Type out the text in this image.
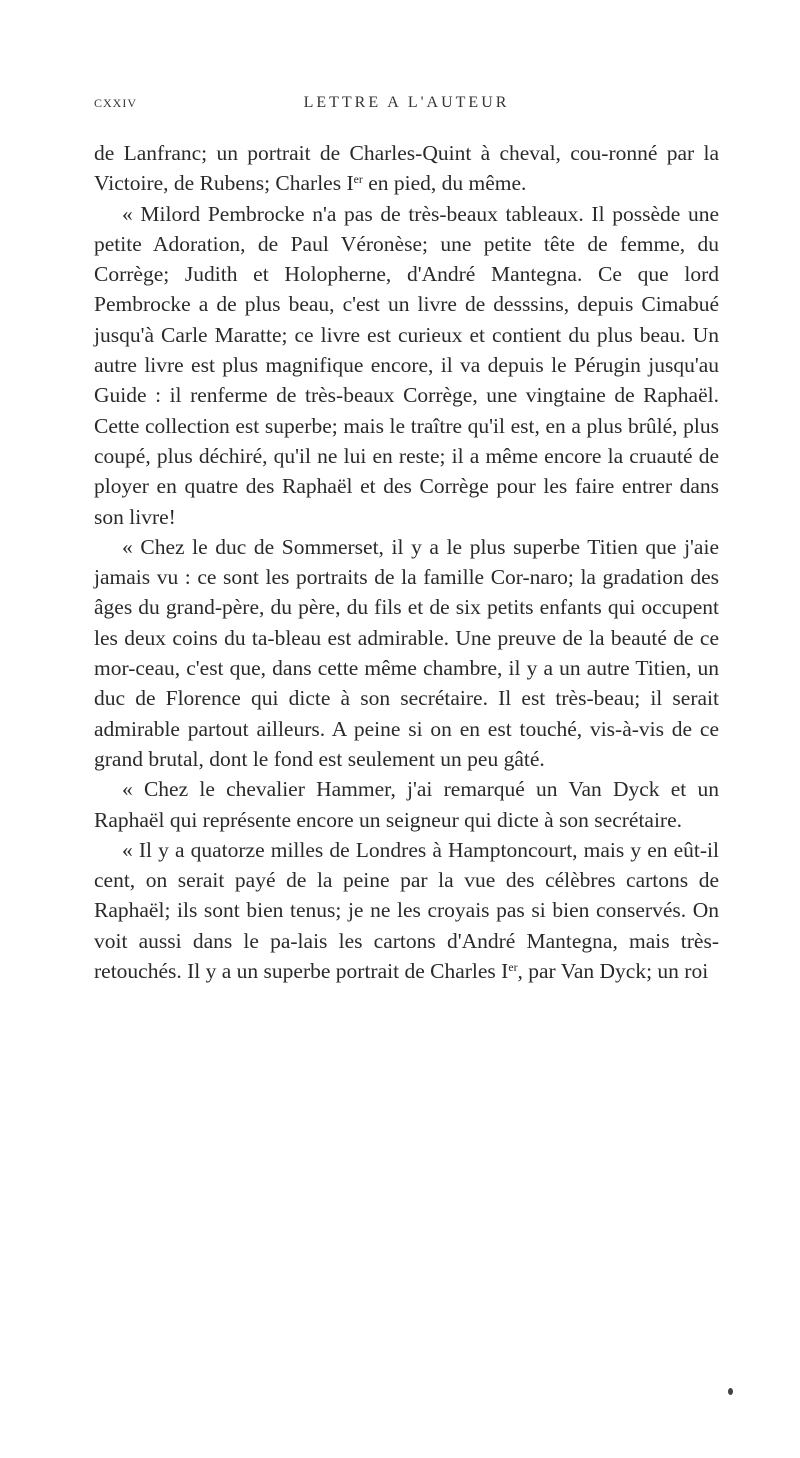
CXXIV	LETTRE A L'AUTEUR

de Lanfranc; un portrait de Charles-Quint à cheval, cou-ronné par la Victoire, de Rubens; Charles Ier en pied, du même.

« Milord Pembrocke n'a pas de très-beaux tableaux. Il possède une petite Adoration, de Paul Véronèse; une petite tête de femme, du Corrège; Judith et Holopherne, d'André Mantegna. Ce que lord Pembrocke a de plus beau, c'est un livre de desssins, depuis Cimabué jusqu'à Carle Maratte; ce livre est curieux et contient du plus beau. Un autre livre est plus magnifique encore, il va depuis le Pérugin jusqu'au Guide : il renferme de très-beaux Corrège, une vingtaine de Raphaël. Cette collection est superbe; mais le traître qu'il est, en a plus brûlé, plus coupé, plus déchiré, qu'il ne lui en reste; il a même encore la cruauté de ployer en quatre des Raphaël et des Corrège pour les faire entrer dans son livre!

« Chez le duc de Sommerset, il y a le plus superbe Titien que j'aie jamais vu : ce sont les portraits de la famille Cor-naro; la gradation des âges du grand-père, du père, du fils et de six petits enfants qui occupent les deux coins du ta-bleau est admirable. Une preuve de la beauté de ce mor-ceau, c'est que, dans cette même chambre, il y a un autre Titien, un duc de Florence qui dicte à son secrétaire. Il est très-beau; il serait admirable partout ailleurs. A peine si on en est touché, vis-à-vis de ce grand brutal, dont le fond est seulement un peu gâté.

« Chez le chevalier Hammer, j'ai remarqué un Van Dyck et un Raphaël qui représente encore un seigneur qui dicte à son secrétaire.

« Il y a quatorze milles de Londres à Hamptoncourt, mais y en eût-il cent, on serait payé de la peine par la vue des célèbres cartons de Raphaël; ils sont bien tenus; je ne les croyais pas si bien conservés. On voit aussi dans le pa-lais les cartons d'André Mantegna, mais très-retouchés. Il y a un superbe portrait de Charles Ier, par Van Dyck; un roi
